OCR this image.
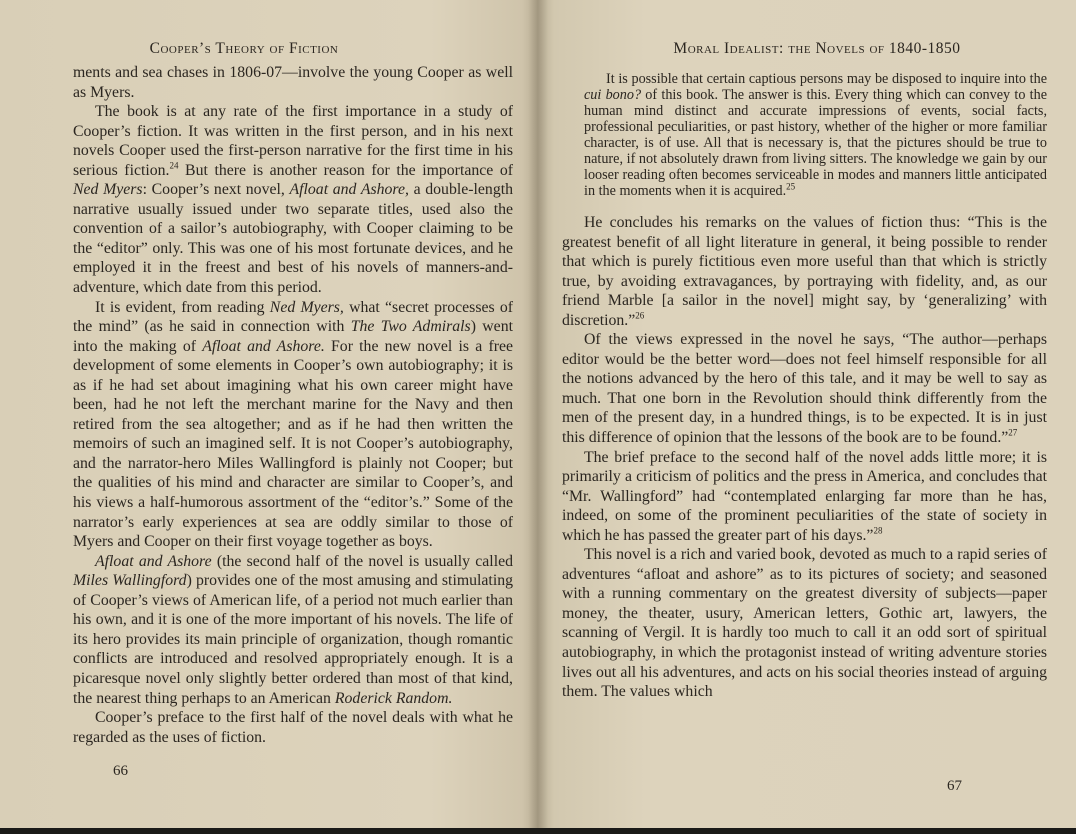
Cooper’s Theory of Fiction

ments and sea chases in 1806-07—involve the young Cooper as well as Myers.

The book is at any rate of the first importance in a study of Cooper’s fiction. It was written in the first person, and in his next novels Cooper used the first-person narrative for the first time in his serious fiction.$^{24}$ But there is another reason for the importance of Ned Myers: Cooper’s next novel, Afloat and Ashore, a double-length narrative usually issued under two separate titles, used also the convention of a sailor’s autobiography, with Cooper claiming to be the “editor” only. This was one of his most fortunate devices, and he employed it in the freest and best of his novels of manners-and-adventure, which date from this period.

It is evident, from reading Ned Myers, what “secret processes of the mind” (as he said in connection with The Two Admirals) went into the making of Afloat and Ashore. For the new novel is a free development of some elements in Cooper’s own autobiography; it is as if he had set about imagining what his own career might have been, had he not left the merchant marine for the Navy and then retired from the sea altogether; and as if he had then written the memoirs of such an imagined self. It is not Cooper’s autobiography, and the narrator-hero Miles Wallingford is plainly not Cooper; but the qualities of his mind and character are similar to Cooper’s, and his views a half-humorous assortment of the “editor’s.” Some of the narrator’s early experiences at sea are oddly similar to those of Myers and Cooper on their first voyage together as boys.

Afloat and Ashore (the second half of the novel is usually called Miles Wallingford) provides one of the most amusing and stimulating of Cooper’s views of American life, of a period not much earlier than his own, and it is one of the more important of his novels. The life of its hero provides its main principle of organization, though romantic conflicts are introduced and resolved appropriately enough. It is a picaresque novel only slightly better ordered than most of that kind, the nearest thing perhaps to an American Roderick Random.

Cooper’s preface to the first half of the novel deals with what he regarded as the uses of fiction.

66
Moral Idealist: the Novels of 1840-1850

It is possible that certain captious persons may be disposed to inquire into the cui bono? of this book. The answer is this. Every thing which can convey to the human mind distinct and accurate impressions of events, social facts, professional peculiarities, or past history, whether of the higher or more familiar character, is of use. All that is necessary is, that the pictures should be true to nature, if not absolutely drawn from living sitters. The knowledge we gain by our looser reading often becomes serviceable in modes and manners little anticipated in the moments when it is acquired.$^{25}$

He concludes his remarks on the values of fiction thus: “This is the greatest benefit of all light literature in general, it being possible to render that which is purely fictitious even more useful than that which is strictly true, by avoiding extravagances, by portraying with fidelity, and, as our friend Marble [a sailor in the novel] might say, by ‘generalizing’ with discretion.”$^{26}$

Of the views expressed in the novel he says, “The author—perhaps editor would be the better word—does not feel himself responsible for all the notions advanced by the hero of this tale, and it may be well to say as much. That one born in the Revolution should think differently from the men of the present day, in a hundred things, is to be expected. It is in just this difference of opinion that the lessons of the book are to be found.”$^{27}$

The brief preface to the second half of the novel adds little more; it is primarily a criticism of politics and the press in America, and concludes that “Mr. Wallingford” had “contemplated enlarging far more than he has, indeed, on some of the prominent peculiarities of the state of society in which he has passed the greater part of his days.”$^{28}$

This novel is a rich and varied book, devoted as much to a rapid series of adventures “afloat and ashore” as to its pictures of society; and seasoned with a running commentary on the greatest diversity of subjects—paper money, the theater, usury, American letters, Gothic art, lawyers, the scanning of Vergil. It is hardly too much to call it an odd sort of spiritual autobiography, in which the protagonist instead of writing adventure stories lives out all his adventures, and acts on his social theories instead of arguing them. The values which

67
